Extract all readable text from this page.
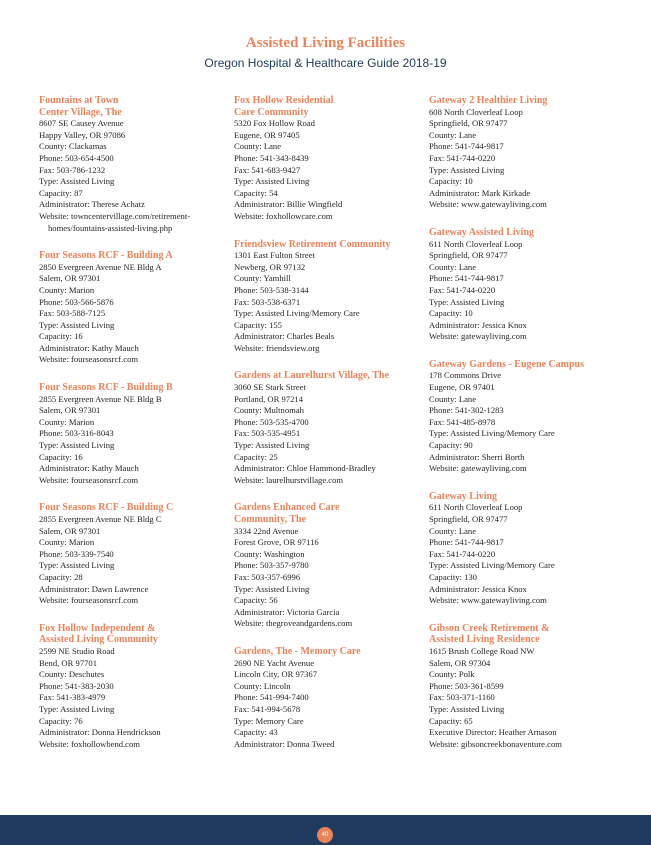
Assisted Living Facilities
Oregon Hospital & Healthcare Guide 2018-19
Fountains at Town
Center Village, The
8607 SE Causey Avenue
Happy Valley, OR 97086
County: Clackamas
Phone: 503-654-4500
Fax: 503-786-1232
Type: Assisted Living
Capacity: 87
Administrator: Therese Achatz
Website: towncentervillage.com/retirement-
homes/fountains-assisted-living.php
Four Seasons RCF - Building A
2850 Evergreen Avenue NE Bldg A
Salem, OR 97301
County: Marion
Phone: 503-566-5876
Fax: 503-588-7125
Type: Assisted Living
Capacity: 16
Administrator: Kathy Mauch
Website: fourseasonsrcf.com
Four Seasons RCF - Building B
2855 Evergreen Avenue NE Bldg B
Salem, OR 97301
County: Marion
Phone: 503-316-8043
Type: Assisted Living
Capacity: 16
Administrator: Kathy Mauch
Website: fourseasonsrcf.com
Four Seasons RCF - Building C
2855 Evergreen Avenue NE Bldg C
Salem, OR 97301
County: Marion
Phone: 503-339-7540
Type: Assisted Living
Capacity: 28
Administrator: Dawn Lawrence
Website: fourseasonsrcf.com
Fox Hollow Independent &
Assisted Living Community
2599 NE Studio Road
Bend, OR 97701
County: Deschutes
Phone: 541-383-2030
Fax: 541-383-4979
Type: Assisted Living
Capacity: 76
Administrator: Donna Hendrickson
Website: foxhollowbend.com
Fox Hollow Residential
Care Community
5320 Fox Hollow Road
Eugene, OR 97405
County: Lane
Phone: 541-343-8439
Fax: 541-683-9427
Type: Assisted Living
Capacity: 54
Administrator: Billie Wingfield
Website: foxhollowcare.com
Friendsview Retirement Community
1301 East Fulton Street
Newberg, OR 97132
County: Yamhill
Phone: 503-538-3144
Fax: 503-538-6371
Type: Assisted Living/Memory Care
Capacity: 155
Administrator: Charles Beals
Website: friendsview.org
Gardens at Laurelhurst Village, The
3060 SE Stark Street
Portland, OR 97214
County: Multnomah
Phone: 503-535-4700
Fax: 503-535-4951
Type: Assisted Living
Capacity: 25
Administrator: Chloe Hammond-Bradley
Website: laurelhurstvillage.com
Gardens Enhanced Care
Community, The
3334 22nd Avenue
Forest Grove, OR 97116
County: Washington
Phone: 503-357-9780
Fax: 503-357-6996
Type: Assisted Living
Capacity: 56
Administrator: Victoria Garcia
Website: thegroveandgardens.com
Gardens, The - Memory Care
2690 NE Yacht Avenue
Lincoln City, OR 97367
County: Lincoln
Phone: 541-994-7400
Fax: 541-994-5678
Type: Memory Care
Capacity: 43
Administrator: Donna Tweed
Gateway 2 Healthier Living
608 North Cloverleaf Loop
Springfield, OR 97477
County: Lane
Phone: 541-744-9817
Fax: 541-744-0220
Type: Assisted Living
Capacity: 10
Administrator: Mark Kirkade
Website: www.gatewayliving.com
Gateway Assisted Living
611 North Cloverleaf Loop
Springfield, OR 97477
County: Lane
Phone: 541-744-9817
Fax: 541-744-0220
Type: Assisted Living
Capacity: 10
Administrator: Jessica Knox
Website: gatewayliving.com
Gateway Gardens - Eugene Campus
178 Commons Drive
Eugene, OR 97401
County: Lane
Phone: 541-302-1283
Fax: 541-485-8978
Type: Assisted Living/Memory Care
Capacity: 90
Administrator: Sherri Borth
Website: gatewayliving.com
Gateway Living
611 North Cloverleaf Loop
Springfield, OR 97477
County: Lane
Phone: 541-744-9817
Fax: 541-744-0220
Type: Assisted Living/Memory Care
Capacity: 130
Administrator: Jessica Knox
Website: www.gatewayliving.com
Gibson Creek Retirement &
Assisted Living Residence
1615 Brush College Road NW
Salem, OR 97304
County: Polk
Phone: 503-361-8599
Fax: 503-371-1160
Type: Assisted Living
Capacity: 65
Executive Director: Heather Arnason
Website: gibsoncreekbonaventure.com
40
